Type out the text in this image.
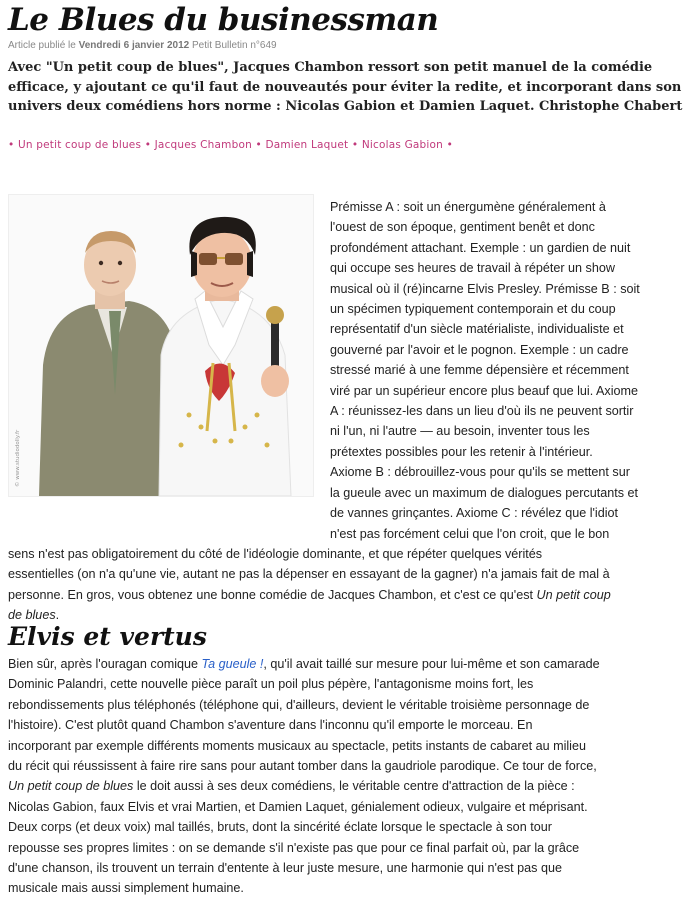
Le Blues du businessman
Article publié le Vendredi 6 janvier 2012 Petit Bulletin n°649

Avec "Un petit coup de blues", Jacques Chambon ressort son petit manuel de la comédie efficace, y ajoutant ce qu'il faut de nouveautés pour éviter la redite, et incorporant dans son univers deux comédiens hors norme : Nicolas Gabion et Damien Laquet. Christophe Chabert

• Un petit coup de blues • Jacques Chambon • Damien Laquet • Nicolas Gabion •
© www.studiodolly.fr

Prémisse A : soit un énergumène généralement à

l'ouest de son époque, gentiment benêt et donc

profondément attachant. Exemple : un gardien de nuit

qui occupe ses heures de travail à répéter un show

musical où il (ré)incarne Elvis Presley. Prémisse B : soit

un spécimen typiquement contemporain et du coup

représentatif d'un siècle matérialiste, individualiste et

gouverné par l'avoir et le pognon. Exemple : un cadre

stressé marié à une femme dépensière et récemment

viré par un supérieur encore plus beauf que lui. Axiome

A : réunissez-les dans un lieu d'où ils ne peuvent sortir

ni l'un, ni l'autre — au besoin, inventer tous les

prétextes possibles pour les retenir à l'intérieur.

Axiome B : débrouillez-vous pour qu'ils se mettent sur

la gueule avec un maximum de dialogues percutants et

de vannes grinçantes. Axiome C : révélez que l'idiot

n'est pas forcément celui que l'on croit, que le bon

sens n'est pas obligatoirement du côté de l'idéologie dominante, et que répéter quelques vérités

essentielles (on n'a qu'une vie, autant ne pas la dépenser en essayant de la gagner) n'a jamais fait de mal à

personne. En gros, vous obtenez une bonne comédie de Jacques Chambon, et c'est ce qu'est Un petit coup

de blues.

Elvis et vertus

Bien sûr, après l'ouragan comique Ta gueule !, qu'il avait taillé sur mesure pour lui-même et son camarade

Dominic Palandri, cette nouvelle pièce paraît un poil plus pépère, l'antagonisme moins fort, les

rebondissements plus téléphonés (téléphone qui, d'ailleurs, devient le véritable troisième personnage de

l'histoire). C'est plutôt quand Chambon s'aventure dans l'inconnu qu'il emporte le morceau. En

incorporant par exemple différents moments musicaux au spectacle, petits instants de cabaret au milieu

du récit qui réussissent à faire rire sans pour autant tomber dans la gaudriole parodique. Ce tour de force,

Un petit coup de blues le doit aussi à ses deux comédiens, le véritable centre d'attraction de la pièce :

Nicolas Gabion, faux Elvis et vrai Martien, et Damien Laquet, génialement odieux, vulgaire et méprisant.

Deux corps (et deux voix) mal taillés, bruts, dont la sincérité éclate lorsque le spectacle à son tour

repousse ses propres limites : on se demande s'il n'existe pas que pour ce final parfait où, par la grâce

d'une chanson, ils trouvent un terrain d'entente à leur juste mesure, une harmonie qui n'est pas que

musicale mais aussi simplement humaine.
